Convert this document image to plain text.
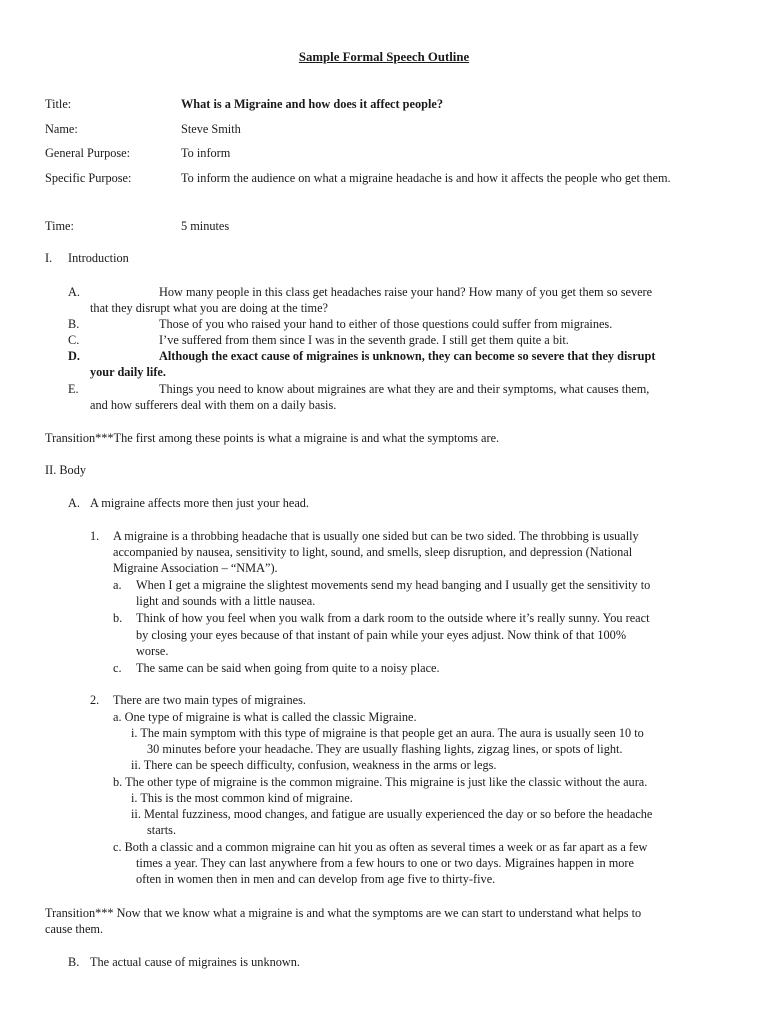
Sample Formal Speech Outline
Title:	What is a Migraine and how does it affect people?
Name:	Steve Smith
General Purpose:	To inform
Specific Purpose:	To inform the audience on what a migraine headache is and how it affects the people who get them.
Time:	5 minutes
I. Introduction
A.	How many people in this class get headaches raise your hand? How many of you get them so severe
that they disrupt what you are doing at the time?
B.	Those of you who raised your hand to either of those questions could suffer from migraines.
C.	I’ve suffered from them since I was in the seventh grade. I still get them quite a bit.
D.	Although the exact cause of migraines is unknown, they can become so severe that they disrupt
your daily life.
E.	Things you need to know about migraines are what they are and their symptoms, what causes them,
and how sufferers deal with them on a daily basis.
Transition***The first among these points is what a migraine is and what the symptoms are.
II. Body
A. A migraine affects more then just your head.
1. A migraine is a throbbing headache that is usually one sided but can be two sided. The throbbing is usually
accompanied by nausea, sensitivity to light, sound, and smells, sleep disruption, and depression (National
Migraine Association – “NMA”).
a. When I get a migraine the slightest movements send my head banging and I usually get the sensitivity to
light and sounds with a little nausea.
b. Think of how you feel when you walk from a dark room to the outside where it’s really sunny. You react
by closing your eyes because of that instant of pain while your eyes adjust. Now think of that 100%
worse.
c. The same can be said when going from quite to a noisy place.
2. There are two main types of migraines.
a. One type of migraine is what is called the classic Migraine.
i. The main symptom with this type of migraine is that people get an aura. The aura is usually seen 10 to
30 minutes before your headache. They are usually flashing lights, zigzag lines, or spots of light.
ii. There can be speech difficulty, confusion, weakness in the arms or legs.
b. The other type of migraine is the common migraine. This migraine is just like the classic without the aura.
i. This is the most common kind of migraine.
ii. Mental fuzziness, mood changes, and fatigue are usually experienced the day or so before the headache
starts.
c. Both a classic and a common migraine can hit you as often as several times a week or as far apart as a few
times a year. They can last anywhere from a few hours to one or two days. Migraines happen in more
often in women then in men and can develop from age five to thirty-five.
Transition*** Now that we know what a migraine is and what the symptoms are we can start to understand what helps to
cause them.
B. The actual cause of migraines is unknown.
